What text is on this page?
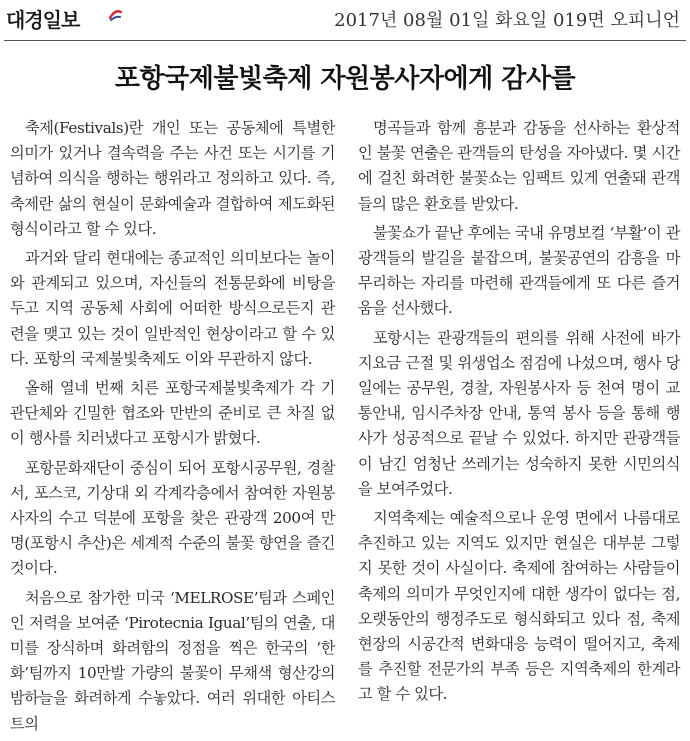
대경일보	2017년 08월 01일 화요일 019면 오피니언
포항국제불빛축제 자원봉사자에게 감사를

축제(Festivals)란 개인 또는 공동체에 특별한 의미가 있거나 결속력을 주는 사건 또는 시기를 기념하여 의식을 행하는 행위라고 정의하고 있다. 즉, 축제란 삶의 현실이 문화예술과 결합하여 제도화된 형식이라고 할 수 있다.

과거와 달리 현대에는 종교적인 의미보다는 놀이와 관계되고 있으며, 자신들의 전통문화에 비탕을 두고 지역 공동체 사회에 어떠한 방식으로든지 관련을 맺고 있는 것이 일반적인 현상이라고 할 수 있다. 포항의 국제불빛축제도 이와 무관하지 않다.

올해 열네 번째 치른 포항국제불빛축제가 각 기관단체와 긴밀한 협조와 만반의 준비로 큰 차질 없이 행사를 치러냈다고 포항시가 밝혔다.

포항문화재단이 중심이 되어 포항시공무원, 경찰서, 포스코, 기상대 외 각계각층에서 참여한 자원봉사자의 수고 덕분에 포항을 찾은 관광객 200여 만명(포항시 추산)은 세계적 수준의 불꽃 향연을 즐긴 것이다.

처음으로 참가한 미국 ‘MELROSE’팀과 스페인 인 저력을 보여준 ‘Pirotecnia Igual’팀의 연출, 대미를 장식하며 화려함의 정점을 찍은 한국의 ‘한화’팀까지 10만발 가량의 불꽃이 무채색 형산강의 밤하늘을 화려하게 수놓았다. 여러 위대한 아티스트의

명곡들과 함께 흥분과 감동을 선사하는 환상적인 불꽃 연출은 관객들의 탄성을 자아냈다. 몇 시간에 걸친 화려한 불꽃쇼는 임팩트 있게 연출돼 관객들의 많은 환호를 받았다.

불꽃쇼가 끝난 후에는 국내 유명보컬 ‘부활’이 관광객들의 발길을 붙잡으며, 불꽃공연의 감흥을 마무리하는 자리를 마련해 관객들에게 또 다른 즐거움을 선사했다.

포항시는 관광객들의 편의를 위해 사전에 바가지요금 근절 및 위생업소 점검에 나섰으며, 행사 당일에는 공무원, 경찰, 자원봉사자 등 천여 명이 교통안내, 임시주차장 안내, 통역 봉사 등을 통해 행사가 성공적으로 끝날 수 있었다. 하지만 관광객들이 남긴 엄청난 쓰레기는 성숙하지 못한 시민의식을 보여주었다.

지역축제는 예술적으로나 운영 면에서 나름대로 추진하고 있는 지역도 있지만 현실은 대부분 그렇지 못한 것이 사실이다. 축제에 참여하는 사람들이 축제의 의미가 무엇인지에 대한 생각이 없다는 점, 오랫동안의 행정주도로 형식화되고 있다 점, 축제 현장의 시공간적 변화대응 능력이 떨어지고, 축제를 추진할 전문가의 부족 등은 지역축제의 한계라고 할 수 있다.
